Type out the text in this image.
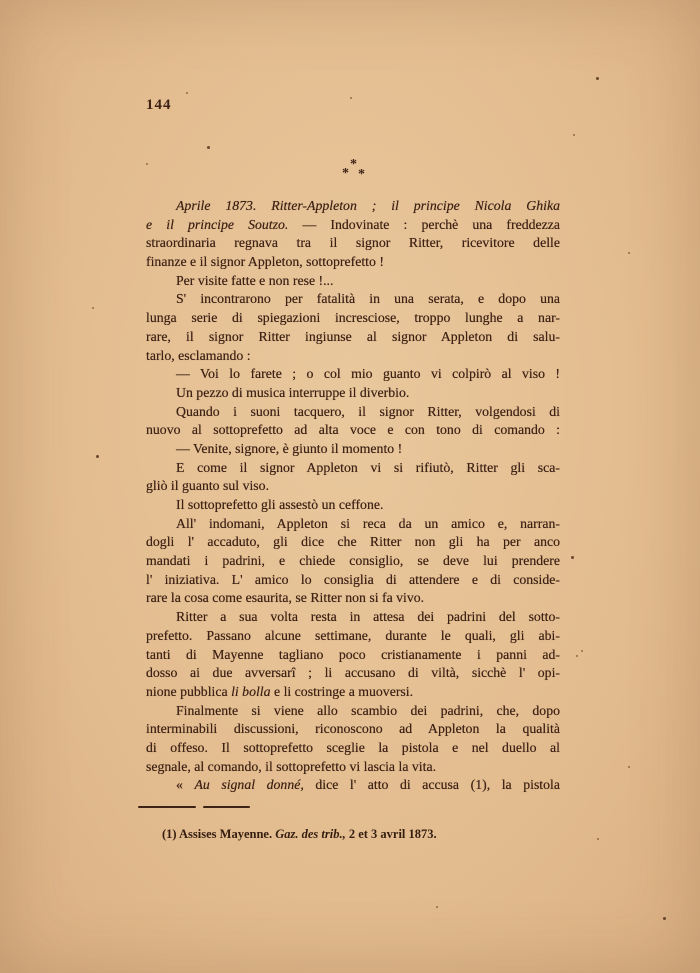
144
*
* *
Aprile 1873. Ritter-Appleton ; il principe Nicola Ghika
e il principe Soutzo. — Indovinate : perchè una freddezza
straordinaria regnava tra il signor Ritter, ricevitore delle
finanze e il signor Appleton, sottoprefetto !
Per visite fatte e non rese !...
S' incontrarono per fatalità in una serata, e dopo una
lunga serie di spiegazioni incresciose, troppo lunghe a nar-
rare, il signor Ritter ingiunse al signor Appleton di salu-
tarlo, esclamando :
— Voi lo farete ; o col mio guanto vi colpirò al viso !
Un pezzo di musica interruppe il diverbio.
Quando i suoni tacquero, il signor Ritter, volgendosi di
nuovo al sottoprefetto ad alta voce e con tono di comando :
— Venite, signore, è giunto il momento !
E come il signor Appleton vi si rifiutò, Ritter gli sca-
gliò il guanto sul viso.
Il sottoprefetto gli assestò un ceffone.
All' indomani, Appleton si reca da un amico e, narran-
dogli l' accaduto, gli dice che Ritter non gli ha per anco
mandati i padrini, e chiede consiglio, se deve lui prendere
l' iniziativa. L' amico lo consiglia di attendere e di conside-
rare la cosa come esaurita, se Ritter non si fa vivo.
Ritter a sua volta resta in attesa dei padrini del sotto-
prefetto. Passano alcune settimane, durante le quali, gli abi-
tanti di Mayenne tagliano poco cristianamente i panni ad-
dosso ai due avversarî ; li accusano di viltà, sicchè l' opi-
nione pubblica li bolla e li costringe a muoversi.
Finalmente si viene allo scambio dei padrini, che, dopo
interminabili discussioni, riconoscono ad Appleton la qualità
di offeso. Il sottoprefetto sceglie la pistola e nel duello al
segnale, al comando, il sottoprefetto vi lascia la vita.
« Au signal donné, dice l' atto di accusa (1), la pistola
(1) Assises Mayenne. Gaz. des trib., 2 et 3 avril 1873.
